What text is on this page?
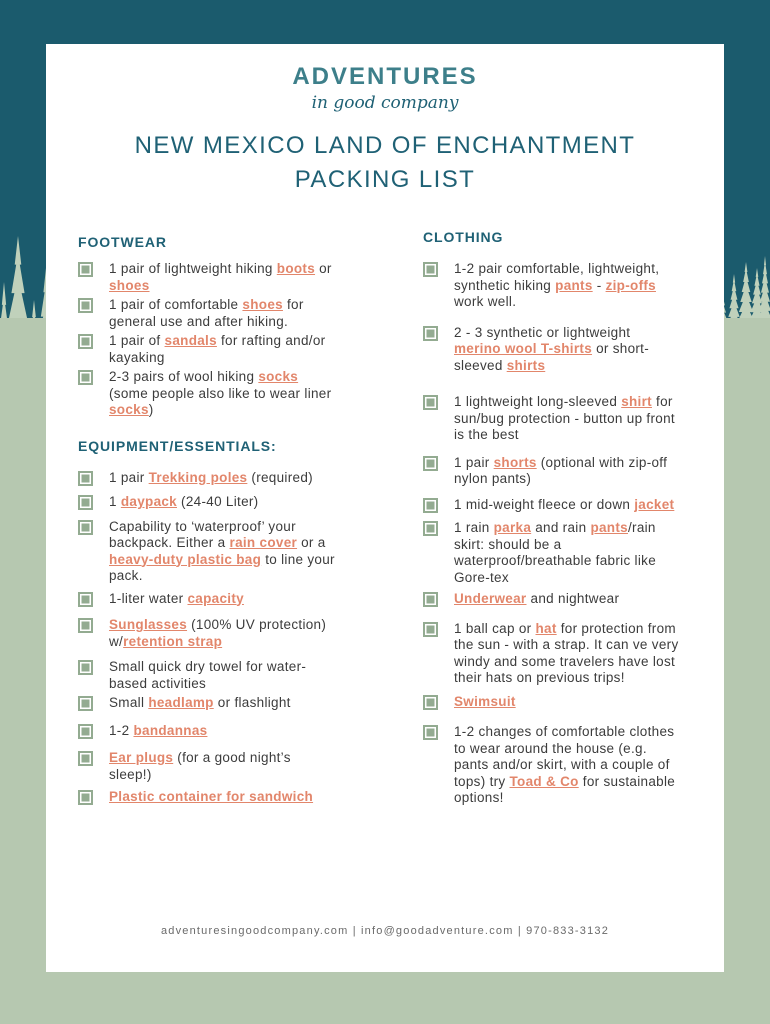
ADVENTURES
in good company
NEW MEXICO LAND OF ENCHANTMENT
PACKING LIST
FOOTWEAR
1 pair of lightweight hiking boots or shoes
1 pair of comfortable shoes for general use and after hiking.
1 pair of sandals for rafting and/or kayaking
2-3 pairs of wool hiking socks (some people also like to wear liner socks)
EQUIPMENT/ESSENTIALS:
1 pair Trekking poles (required)
1 daypack (24-40 Liter)
Capability to ‘waterproof’ your backpack. Either a rain cover or a heavy-duty plastic bag to line your pack.
1-liter water capacity
Sunglasses (100% UV protection) w/retention strap
Small quick dry towel for water-based activities
Small headlamp or flashlight
1-2 bandannas
Ear plugs (for a good night’s sleep!)
Plastic container for sandwich
CLOTHING
1-2 pair comfortable, lightweight, synthetic hiking pants - zip-offs work well.
2 - 3 synthetic or lightweight merino wool T-shirts or short-sleeved shirts
1 lightweight long-sleeved shirt for sun/bug protection - button up front is the best
1 pair shorts (optional with zip-off nylon pants)
1 mid-weight fleece or down jacket
1 rain parka and rain pants/rain skirt: should be a waterproof/breathable fabric like Gore-tex
Underwear and nightwear
1 ball cap or hat for protection from the sun - with a strap. It can ve very windy and some travelers have lost their hats on previous trips!
Swimsuit
1-2 changes of comfortable clothes to wear around the house (e.g. pants and/or skirt, with a couple of tops) try Toad & Co for sustainable options!
adventuresingoodcompany.com | info@goodadventure.com | 970-833-3132
